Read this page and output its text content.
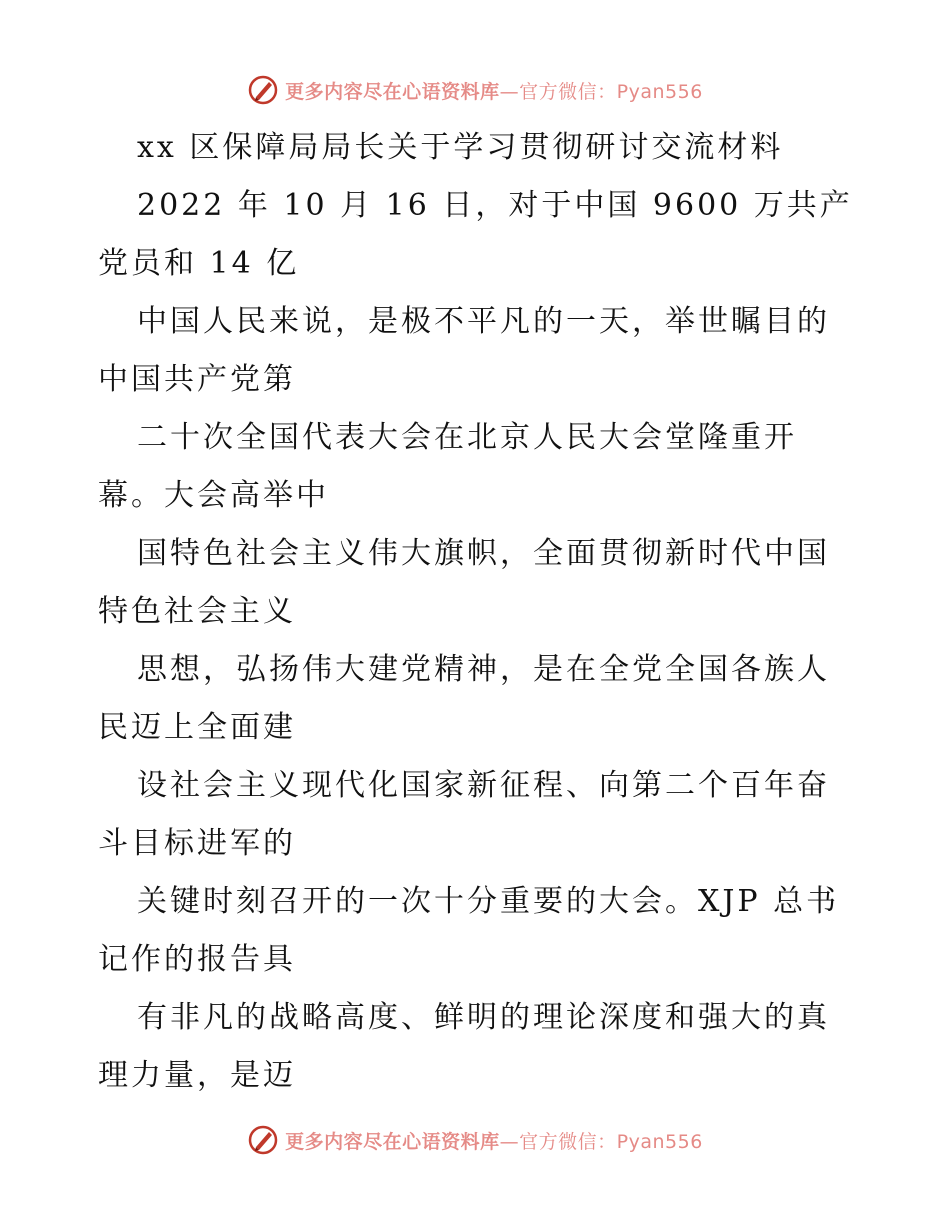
更多内容尽在心语资料库—官方微信：Pyan556
xx 区保障局局长关于学习贯彻研讨交流材料
2022 年 10 月 16 日，对于中国 9600 万共产
党员和 14 亿
中国人民来说，是极不平凡的一天，举世瞩目的
中国共产党第
二十次全国代表大会在北京人民大会堂隆重开
幕。大会高举中
国特色社会主义伟大旗帜，全面贯彻新时代中国
特色社会主义
思想，弘扬伟大建党精神，是在全党全国各族人
民迈上全面建
设社会主义现代化国家新征程、向第二个百年奋
斗目标进军的
关键时刻召开的一次十分重要的大会。XJP 总书
记作的报告具
有非凡的战略高度、鲜明的理论深度和强大的真
理力量，是迈
更多内容尽在心语资料库—官方微信：Pyan556
